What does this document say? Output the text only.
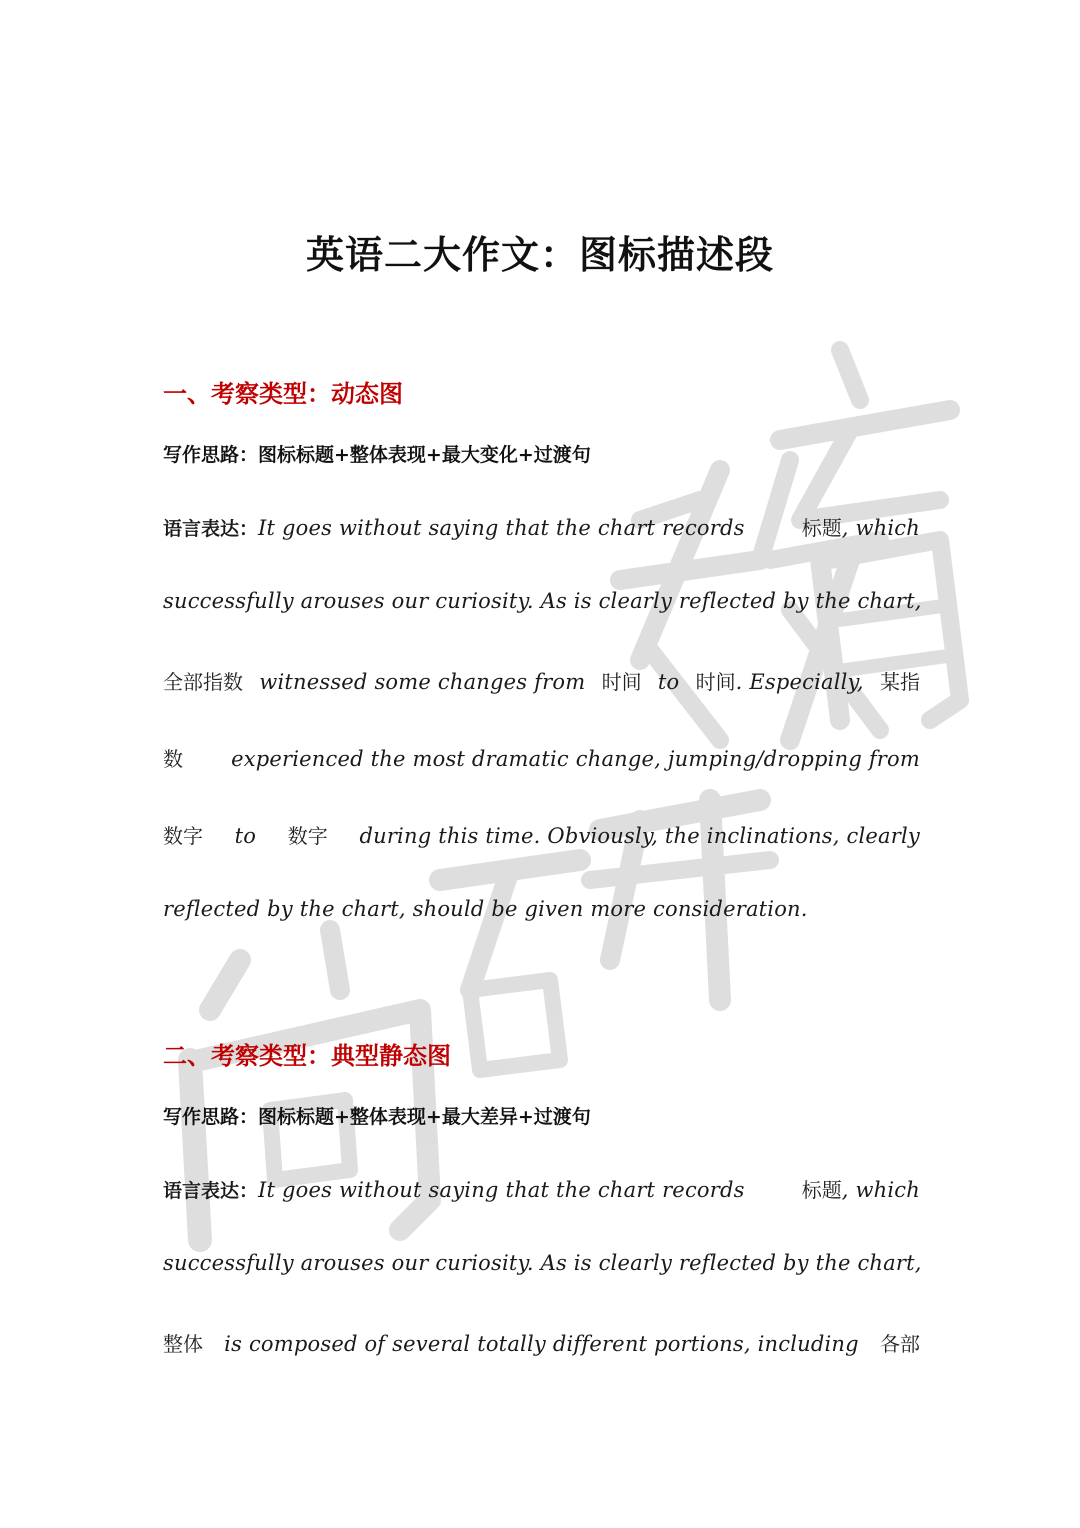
英语二大作文：图标描述段
一、考察类型：动态图
写作思路：图标标题+整体表现+最大变化+过渡句
语言表达：It goes without saying that the chart records	标题, which
successfully arouses our curiosity. As is clearly reflected by the chart,
全部指数 witnessed some changes from 时间 to 时间. Especially, 某指
数 experienced the most dramatic change, jumping/dropping from
数字 to 数字 during this time. Obviously, the inclinations, clearly
reflected by the chart, should be given more consideration.
二、考察类型：典型静态图
写作思路：图标标题+整体表现+最大差异+过渡句
语言表达：It goes without saying that the chart records	标题, which
successfully arouses our curiosity. As is clearly reflected by the chart,
整体 is composed of several totally different portions, including 各部
